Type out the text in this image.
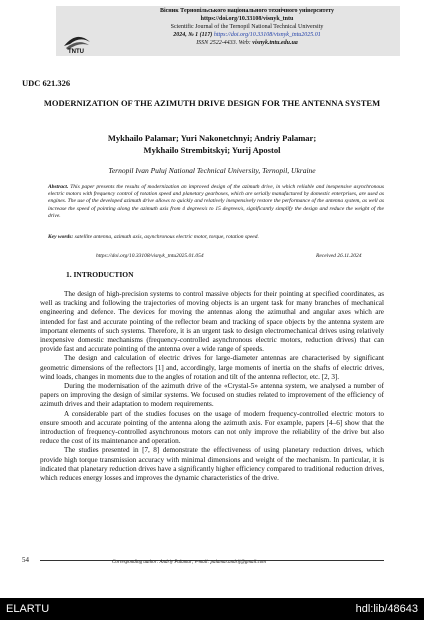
TNTU
Вісник Тернопільського національного технічного університету
https://doi.org/10.33108/visnyk_tntu
Scientific Journal of the Ternopil National Technical University
2024, № 1 (117) https://doi.org/10.33108/visnyk_tntu2025.01
ISSN 2522-4433. Web: visnyk.tntu.edu.ua
UDC 621.326
MODERNIZATION OF THE AZIMUTH DRIVE DESIGN FOR THE ANTENNA SYSTEM
Mykhailo Palamar; Yuri Nakonetchnyi; Andriy Palamar;
Mykhailo Strembitskyi; Yurij Apostol
Ternopil Ivan Puluj National Technical University, Ternopil, Ukraine
Abstract. This paper presents the results of modernization an improved design of the azimuth drive, in which reliable and inexpensive asynchronous electric motors with frequency control of rotation speed and planetary gearboxes, which are serially manufactured by domestic enterprises, are used as engines. The use of the developed azimuth drive allows to quickly and relatively inexpensively restore the performance of the antenna system, as well as increase the speed of pointing along the azimuth axis from 4 degrees/s to 15 degrees/s, significantly simplify the design and reduce the weight of the drive.
Key words: satellite antenna, azimuth axis, asynchronous electric motor, torque, rotation speed.
https://doi.org/10.33108/visnyk_tntu2025.01.054	Received 26.11.2024
1. INTRODUCTION

The design of high-precision systems to control massive objects for their pointing at specified coordinates, as well as tracking and following the trajectories of moving objects is an urgent task for many branches of mechanical engineering and defence. The devices for moving the antennas along the azimuthal and angular axes which are intended for fast and accurate pointing of the reflector beam and tracking of space objects by the antenna system are important elements of such systems. Therefore, it is an urgent task to design electromechanical drives using relatively inexpensive domestic mechanisms (frequency-controlled asynchronous electric motors, reduction drives) that can provide fast and accurate pointing of the antenna over a wide range of speeds.

The design and calculation of electric drives for large-diameter antennas are characterised by significant geometric dimensions of the reflectors [1] and, accordingly, large moments of inertia on the shafts of electric drives, wind loads, changes in moments due to the angles of rotation and tilt of the antenna reflector, etc. [2, 3].

During the modernisation of the azimuth drive of the «Crystal-5» antenna system, we analysed a number of papers on improving the design of similar systems. We focused on studies related to improvement of the efficiency of azimuth drives and their adaptation to modern requirements.

A considerable part of the studies focuses on the usage of modern frequency-controlled electric motors to ensure smooth and accurate pointing of the antenna along the azimuth axis. For example, papers [4–6] show that the introduction of frequency-controlled asynchronous motors can not only improve the reliability of the drive but also reduce the cost of its maintenance and operation.

The studies presented in [7, 8] demonstrate the effectiveness of using planetary reduction drives, which provide high torque transmission accuracy with minimal dimensions and weight of the mechanism. In particular, it is indicated that planetary reduction drives have a significantly higher efficiency compared to traditional reduction drives, which reduces energy losses and improves the dynamic characteristics of the drive.

54	Corresponding author: Andriy Palamar; e-mail: palamar.andrij@gmail.com
ELARTU	hdl:lib/48643
